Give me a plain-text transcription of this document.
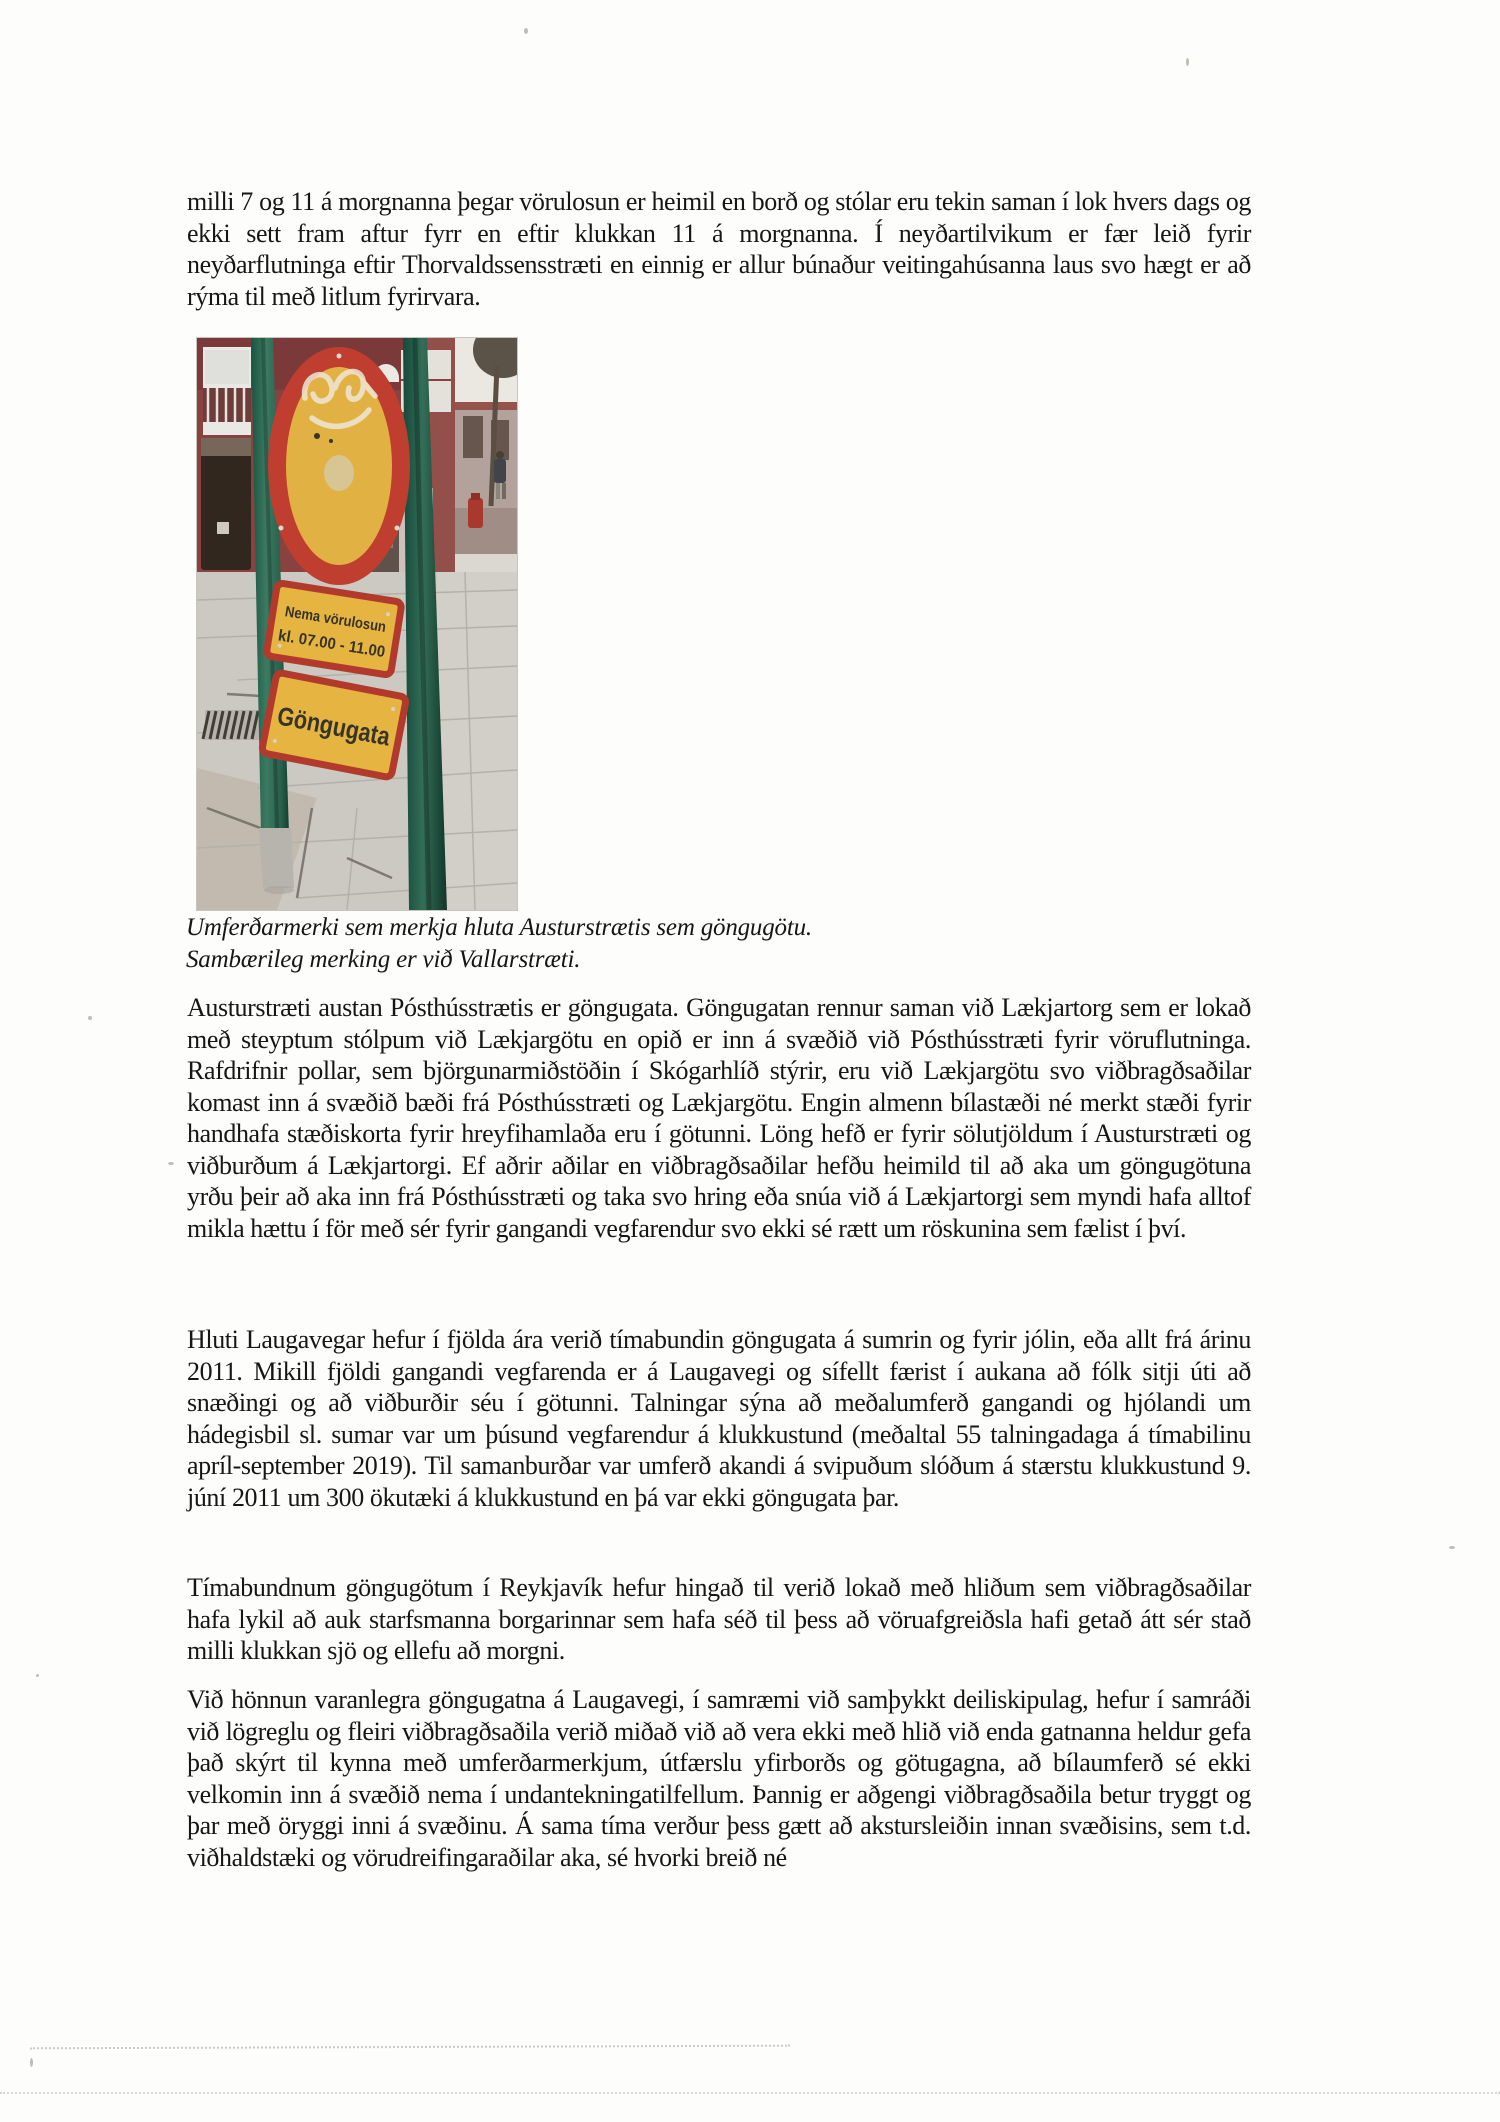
milli 7 og 11 á morgnanna þegar vörulosun er heimil en borð og stólar eru tekin saman í lok hvers dags og ekki sett fram aftur fyrr en eftir klukkan 11 á morgnanna. Í neyðartilvikum er fær leið fyrir neyðarflutninga eftir Thorvaldssensstræti en einnig er allur búnaður veitingahúsanna laus svo hægt er að rýma til með litlum fyrirvara.

Nema vörulosun
kl. 07.00 - 11.00
Göngugata
Umferðarmerki sem merkja hluta Austurstrætis sem göngugötu.
Sambærileg merking er við Vallarstræti.

Austurstræti austan Pósthússtrætis er göngugata. Göngugatan rennur saman við Lækjartorg sem er lokað með steyptum stólpum við Lækjargötu en opið er inn á svæðið við Pósthússtræti fyrir vöruflutninga. Rafdrifnir pollar, sem björgunarmiðstöðin í Skógarhlíð stýrir, eru við Lækjargötu svo viðbragðsaðilar komast inn á svæðið bæði frá Pósthússtræti og Lækjargötu. Engin almenn bílastæði né merkt stæði fyrir handhafa stæðiskorta fyrir hreyfihamlaða eru í götunni. Löng hefð er fyrir sölutjöldum í Austurstræti og viðburðum á Lækjartorgi. Ef aðrir aðilar en viðbragðsaðilar hefðu heimild til að aka um göngugötuna yrðu þeir að aka inn frá Pósthússtræti og taka svo hring eða snúa við á Lækjartorgi sem myndi hafa alltof mikla hættu í för með sér fyrir gangandi vegfarendur svo ekki sé rætt um röskunina sem fælist í því.

Hluti Laugavegar hefur í fjölda ára verið tímabundin göngugata á sumrin og fyrir jólin, eða allt frá árinu 2011. Mikill fjöldi gangandi vegfarenda er á Laugavegi og sífellt færist í aukana að fólk sitji úti að snæðingi og að viðburðir séu í götunni. Talningar sýna að meðalumferð gangandi og hjólandi um hádegisbil sl. sumar var um þúsund vegfarendur á klukkustund (meðaltal 55 talningadaga á tímabilinu apríl-september 2019). Til samanburðar var umferð akandi á svipuðum slóðum á stærstu klukkustund 9. júní 2011 um 300 ökutæki á klukkustund en þá var ekki göngugata þar.

Tímabundnum göngugötum í Reykjavík hefur hingað til verið lokað með hliðum sem viðbragðsaðilar hafa lykil að auk starfsmanna borgarinnar sem hafa séð til þess að vöruafgreiðsla hafi getað átt sér stað milli klukkan sjö og ellefu að morgni.

Við hönnun varanlegra göngugatna á Laugavegi, í samræmi við samþykkt deiliskipulag, hefur í samráði við lögreglu og fleiri viðbragðsaðila verið miðað við að vera ekki með hlið við enda gatnanna heldur gefa það skýrt til kynna með umferðarmerkjum, útfærslu yfirborðs og götugagna, að bílaumferð sé ekki velkomin inn á svæðið nema í undantekningatilfellum. Þannig er aðgengi viðbragðsaðila betur tryggt og þar með öryggi inni á svæðinu. Á sama tíma verður þess gætt að akstursleiðin innan svæðisins, sem t.d. viðhaldstæki og vörudreifingaraðilar aka, sé hvorki breið né
